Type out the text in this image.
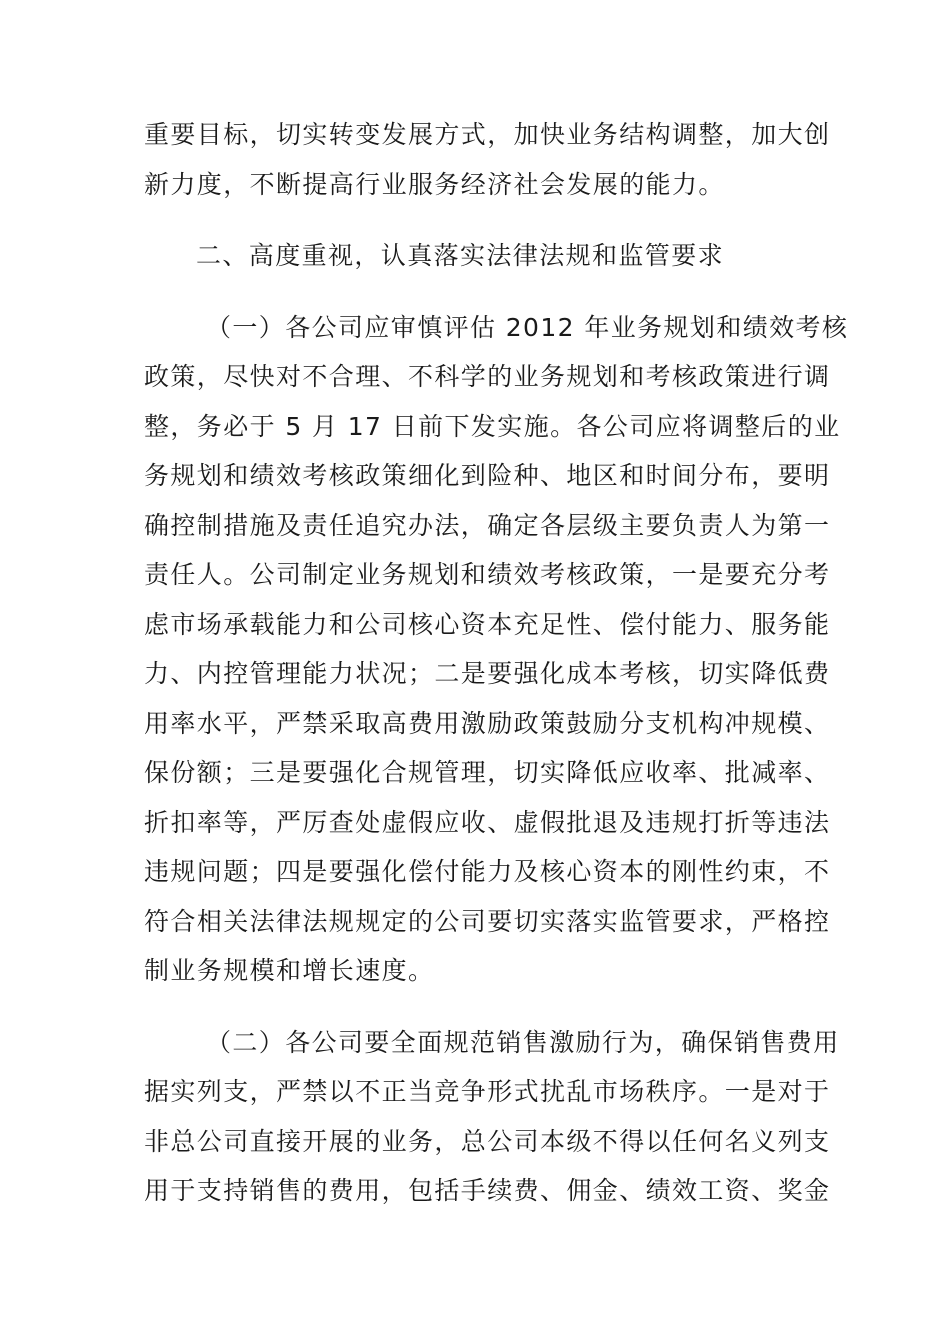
重要目标，切实转变发展方式，加快业务结构调整，加大创
新力度，不断提高行业服务经济社会发展的能力。
二、高度重视，认真落实法律法规和监管要求
（一）各公司应审慎评估 2012 年业务规划和绩效考核
政策，尽快对不合理、不科学的业务规划和考核政策进行调
整，务必于 5 月 17 日前下发实施。各公司应将调整后的业
务规划和绩效考核政策细化到险种、地区和时间分布，要明
确控制措施及责任追究办法，确定各层级主要负责人为第一
责任人。公司制定业务规划和绩效考核政策，一是要充分考
虑市场承载能力和公司核心资本充足性、偿付能力、服务能
力、内控管理能力状况；二是要强化成本考核，切实降低费
用率水平，严禁采取高费用激励政策鼓励分支机构冲规模、
保份额；三是要强化合规管理，切实降低应收率、批减率、
折扣率等，严厉查处虚假应收、虚假批退及违规打折等违法
违规问题；四是要强化偿付能力及核心资本的刚性约束，不
符合相关法律法规规定的公司要切实落实监管要求，严格控
制业务规模和增长速度。
（二）各公司要全面规范销售激励行为，确保销售费用
据实列支，严禁以不正当竞争形式扰乱市场秩序。一是对于
非总公司直接开展的业务，总公司本级不得以任何名义列支
用于支持销售的费用，包括手续费、佣金、绩效工资、奖金
